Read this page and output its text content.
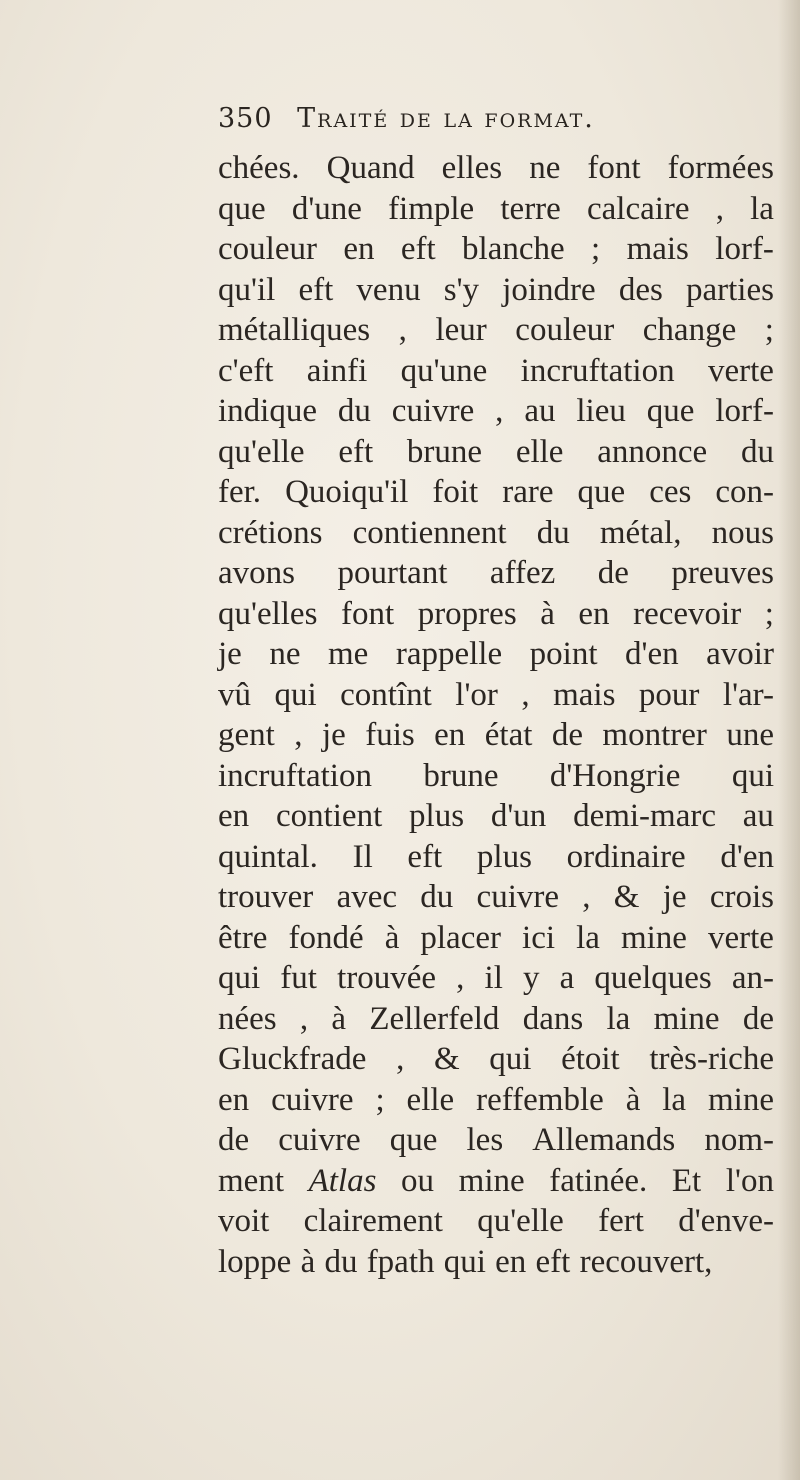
350 Traité de la format.
chées. Quand elles ne font formées
que d'une fimple terre calcaire , la
couleur en eft blanche ; mais lorf-
qu'il eft venu s'y joindre des parties
métalliques , leur couleur change ;
c'eft ainfi qu'une incruftation verte
indique du cuivre , au lieu que lorf-
qu'elle eft brune elle annonce du
fer. Quoiqu'il foit rare que ces con-
crétions contiennent du métal, nous
avons pourtant affez de preuves
qu'elles font propres à en recevoir ;
je ne me rappelle point d'en avoir
vû qui contînt l'or , mais pour l'ar-
gent , je fuis en état de montrer une
incruftation brune d'Hongrie qui
en contient plus d'un demi-marc au
quintal. Il eft plus ordinaire d'en
trouver avec du cuivre , & je crois
être fondé à placer ici la mine verte
qui fut trouvée , il y a quelques an-
nées , à Zellerfeld dans la mine de
Gluckfrade , & qui étoit très-riche
en cuivre ; elle reffemble à la mine
de cuivre que les Allemands nom-
ment Atlas ou mine fatinée. Et l'on
voit clairement qu'elle fert d'enve-
loppe à du fpath qui en eft recouvert,
